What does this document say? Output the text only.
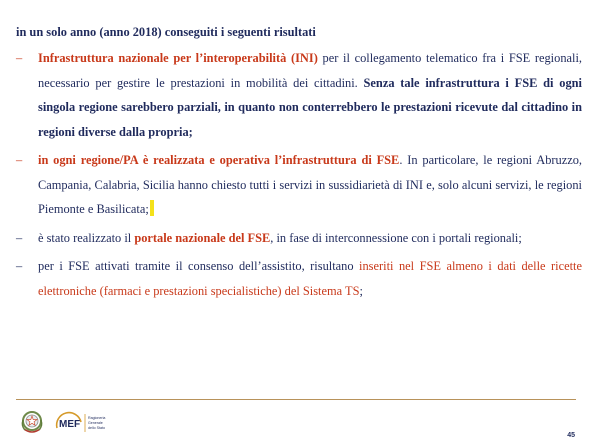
in un solo anno (anno 2018) conseguiti i seguenti risultati
– Infrastruttura nazionale per l’interoperabilità (INI) per il collegamento telematico fra i FSE regionali, necessario per gestire le prestazioni in mobilità dei cittadini. Senza tale infrastruttura i FSE di ogni singola regione sarebbero parziali, in quanto non conterrebbero le prestazioni ricevute dal cittadino in regioni diverse dalla propria;
– in ogni regione/PA è realizzata e operativa l’infrastruttura di FSE. In particolare, le regioni Abruzzo, Campania, Calabria, Sicilia hanno chiesto tutti i servizi in sussidiarietà di INI e, solo alcuni servizi, le regioni Piemonte e Basilicata;
– è stato realizzato il portale nazionale del FSE, in fase di interconnessione con i portali regionali;
– per i FSE attivati tramite il consenso dell’assistito, risultano inseriti nel FSE almeno i dati delle ricette elettroniche (farmaci e prestazioni specialistiche) del Sistema TS;
MEF
Ragioneria
Generale
dello Stato
45
